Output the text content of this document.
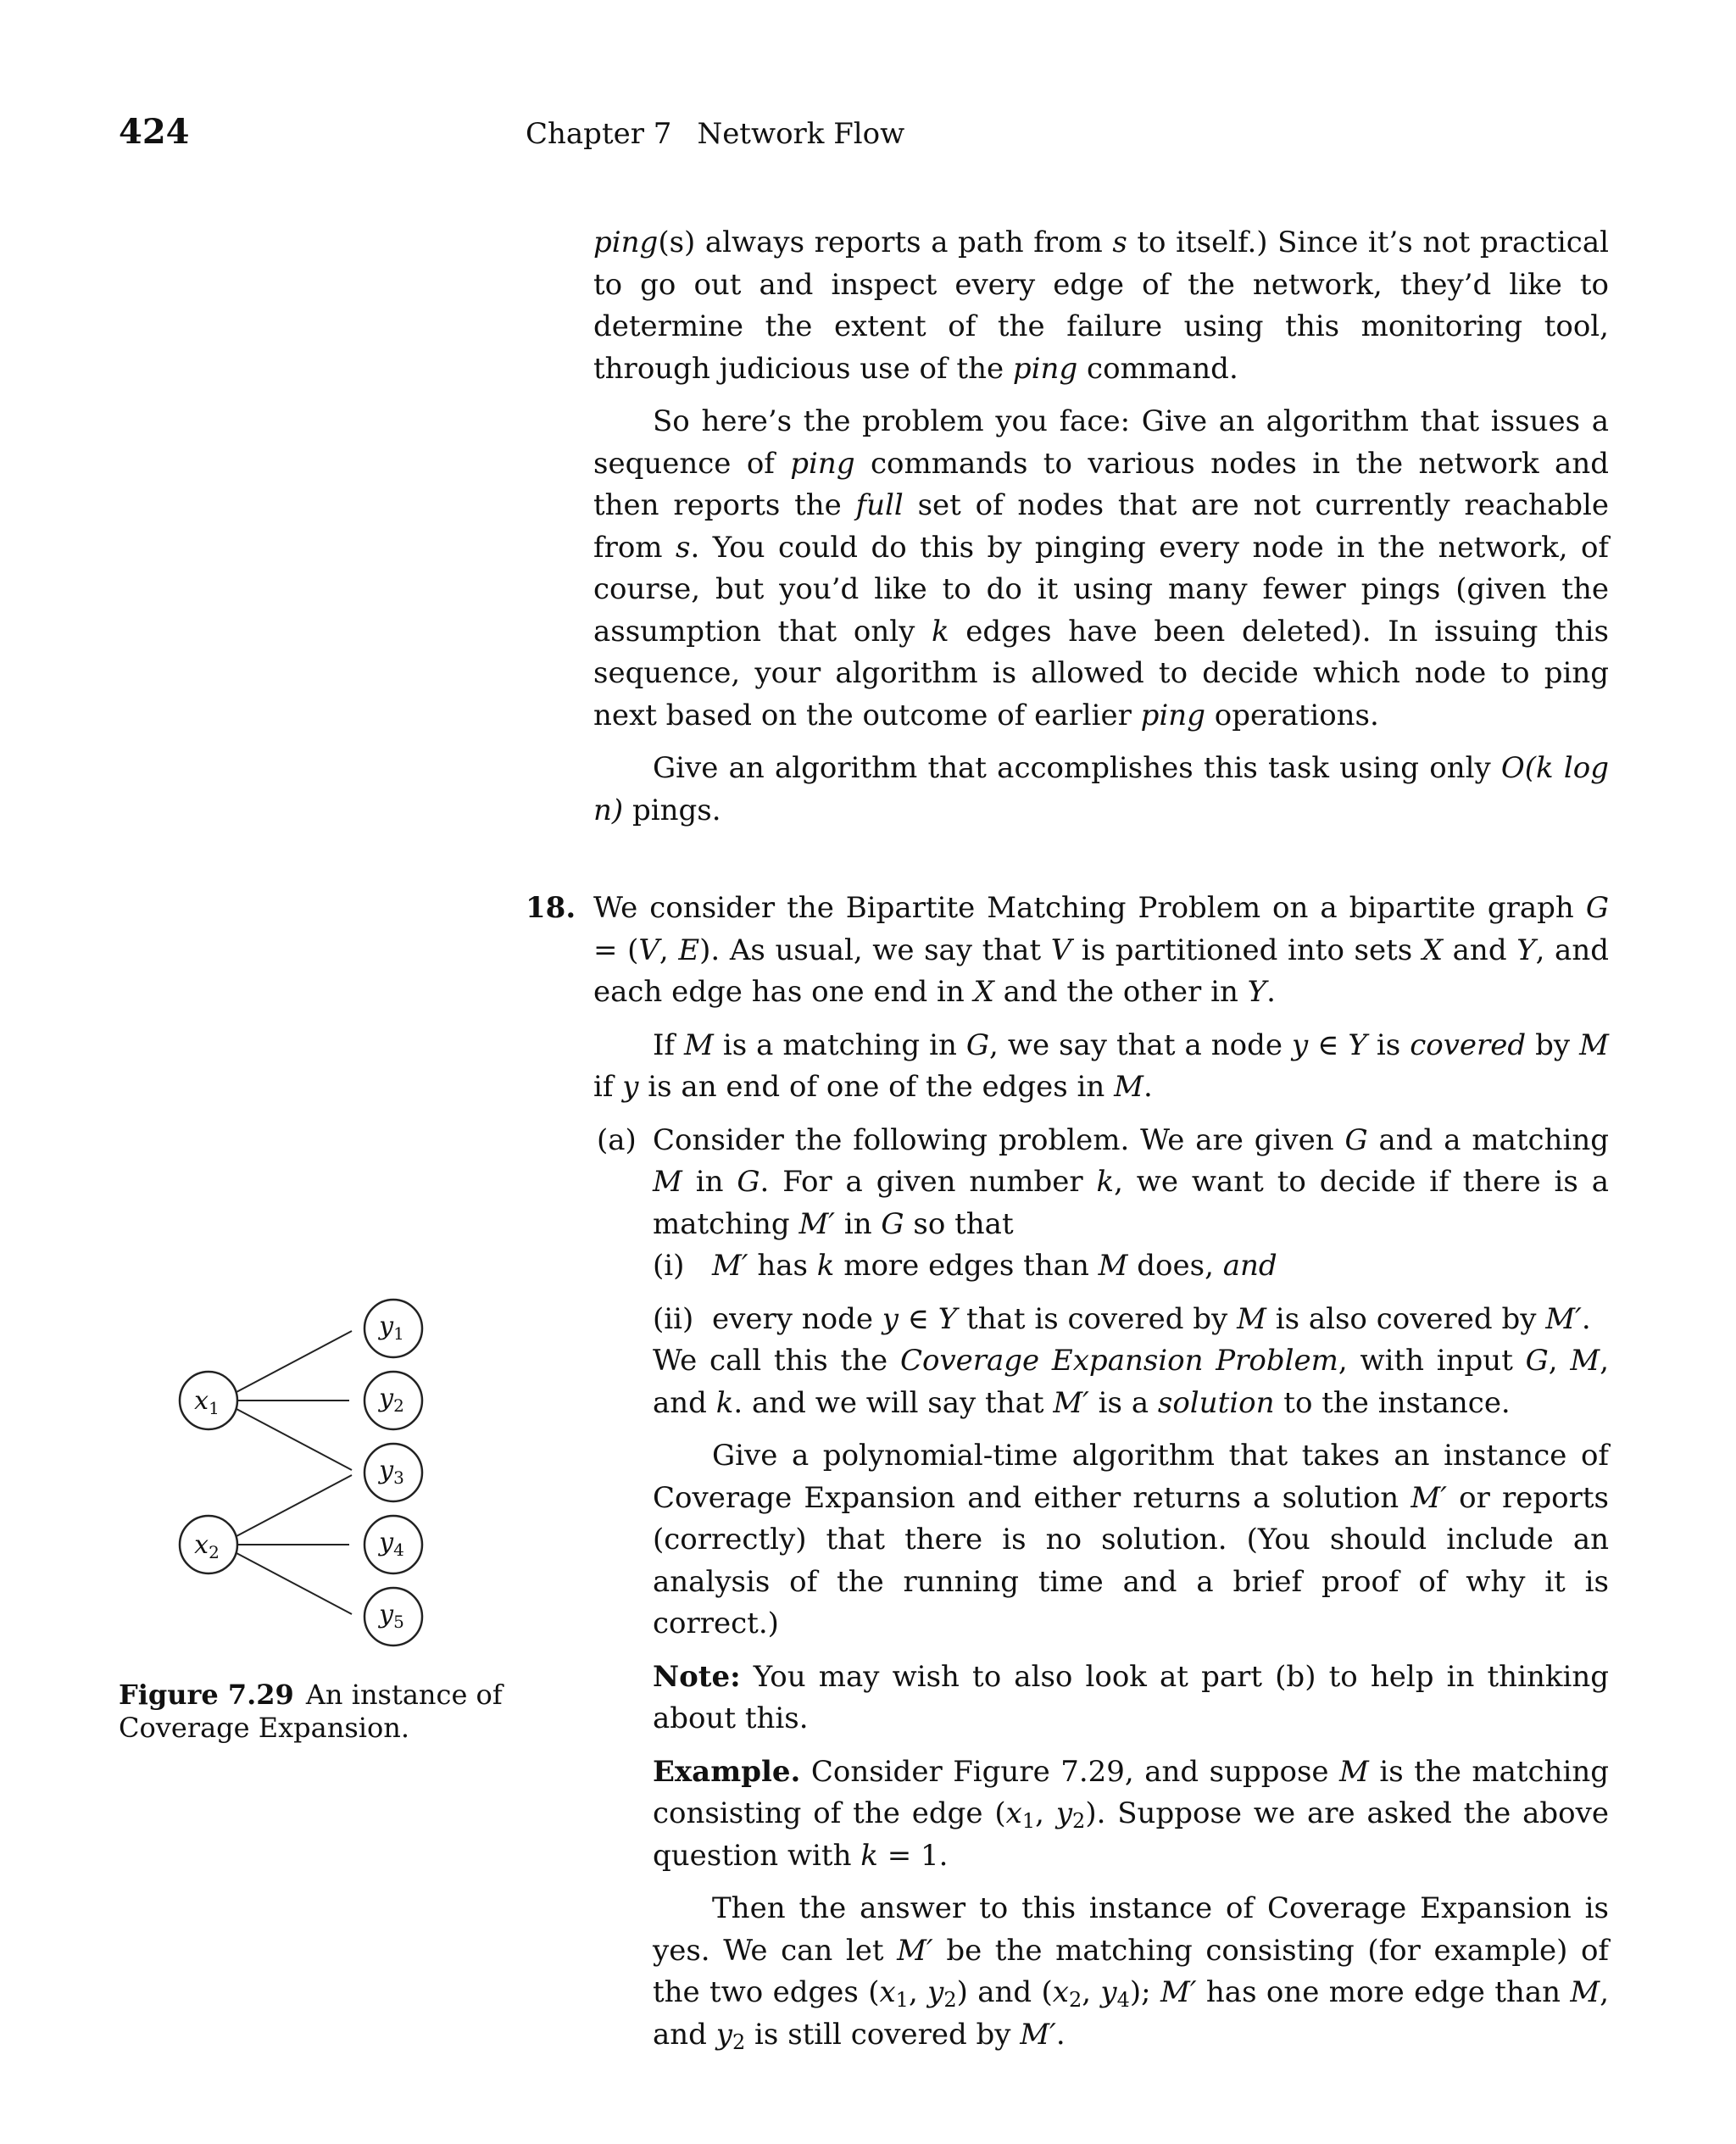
424	Chapter 7 Network Flow

ping(s) always reports a path from s to itself.) Since it’s not practical to go out and inspect every edge of the network, they’d like to determine the extent of the failure using this monitoring tool, through judicious use of the ping command.

So here’s the problem you face: Give an algorithm that issues a sequence of ping commands to various nodes in the network and then reports the full set of nodes that are not currently reachable from s. You could do this by pinging every node in the network, of course, but you’d like to do it using many fewer pings (given the assumption that only k edges have been deleted). In issuing this sequence, your algorithm is allowed to decide which node to ping next based on the outcome of earlier ping operations.

Give an algorithm that accomplishes this task using only O(k log n) pings.

18. We consider the Bipartite Matching Problem on a bipartite graph G = (V, E). As usual, we say that V is partitioned into sets X and Y, and each edge has one end in X and the other in Y.

If M is a matching in G, we say that a node y ∈ Y is covered by M if y is an end of one of the edges in M.

(a) Consider the following problem. We are given G and a matching M in G. For a given number k, we want to decide if there is a matching M′ in G so that

(i) M′ has k more edges than M does, and

(ii) every node y ∈ Y that is covered by M is also covered by M′.

We call this the Coverage Expansion Problem, with input G, M, and k. and we will say that M′ is a solution to the instance.

Give a polynomial-time algorithm that takes an instance of Coverage Expansion and either returns a solution M′ or reports (correctly) that there is no solution. (You should include an analysis of the running time and a brief proof of why it is correct.)

Note: You may wish to also look at part (b) to help in thinking about this.

Example. Consider Figure 7.29, and suppose M is the matching consisting of the edge ($x_1$, $y_2$). Suppose we are asked the above question with k = 1.

Then the answer to this instance of Coverage Expansion is yes. We can let M′ be the matching consisting (for example) of the two edges ($x_1$, $y_2$) and ($x_2$, $y_4$); M′ has one more edge than M, and $y_2$ is still covered by M′.

$x_1$
$x_2$
$y_1$
$y_2$
$y_3$
$y_4$
$y_5$
Figure 7.29 An instance of Coverage Expansion.
